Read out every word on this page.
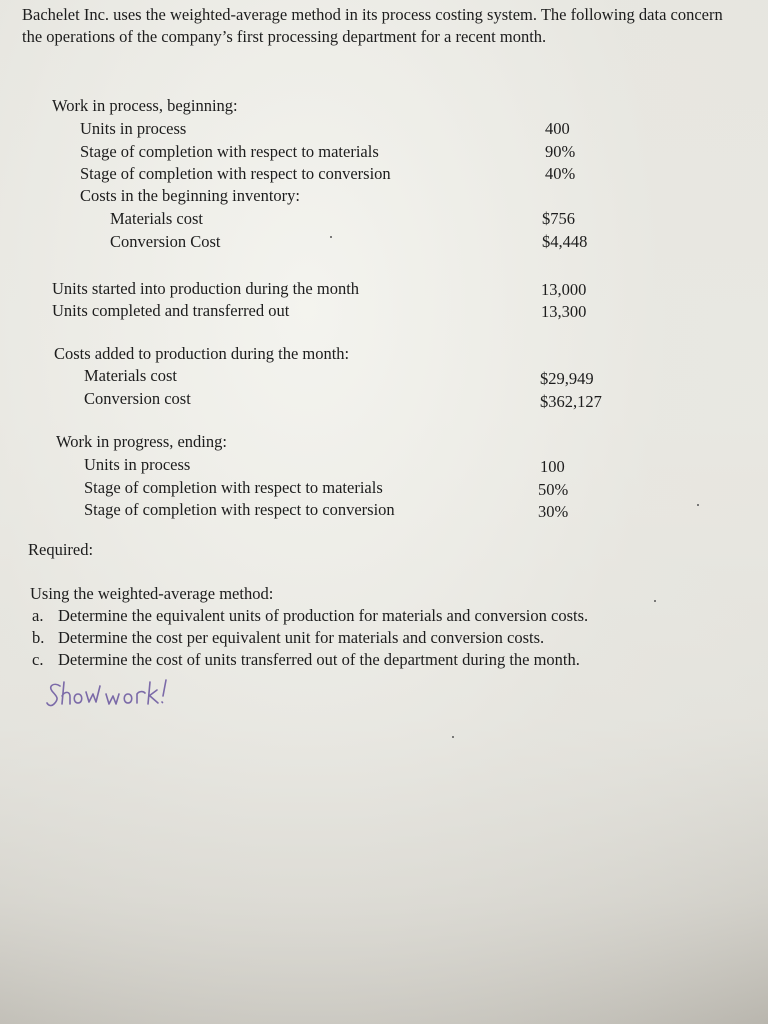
Bachelet Inc. uses the weighted-average method in its process costing system. The following data concern the operations of the company’s first processing department for a recent month.
Work in process, beginning:
Units in process	400
Stage of completion with respect to materials	90%
Stage of completion with respect to conversion	40%
Costs in the beginning inventory:
Materials cost	$756
Conversion Cost	$4,448
Units started into production during the month	13,000
Units completed and transferred out	13,300
Costs added to production during the month:
Materials cost	$29,949
Conversion cost	$362,127
Work in progress, ending:
Units in process	100
Stage of completion with respect to materials	50%
Stage of completion with respect to conversion	30%
Required:
Using the weighted-average method:
a. Determine the equivalent units of production for materials and conversion costs.
b. Determine the cost per equivalent unit for materials and conversion costs.
c. Determine the cost of units transferred out of the department during the month.
